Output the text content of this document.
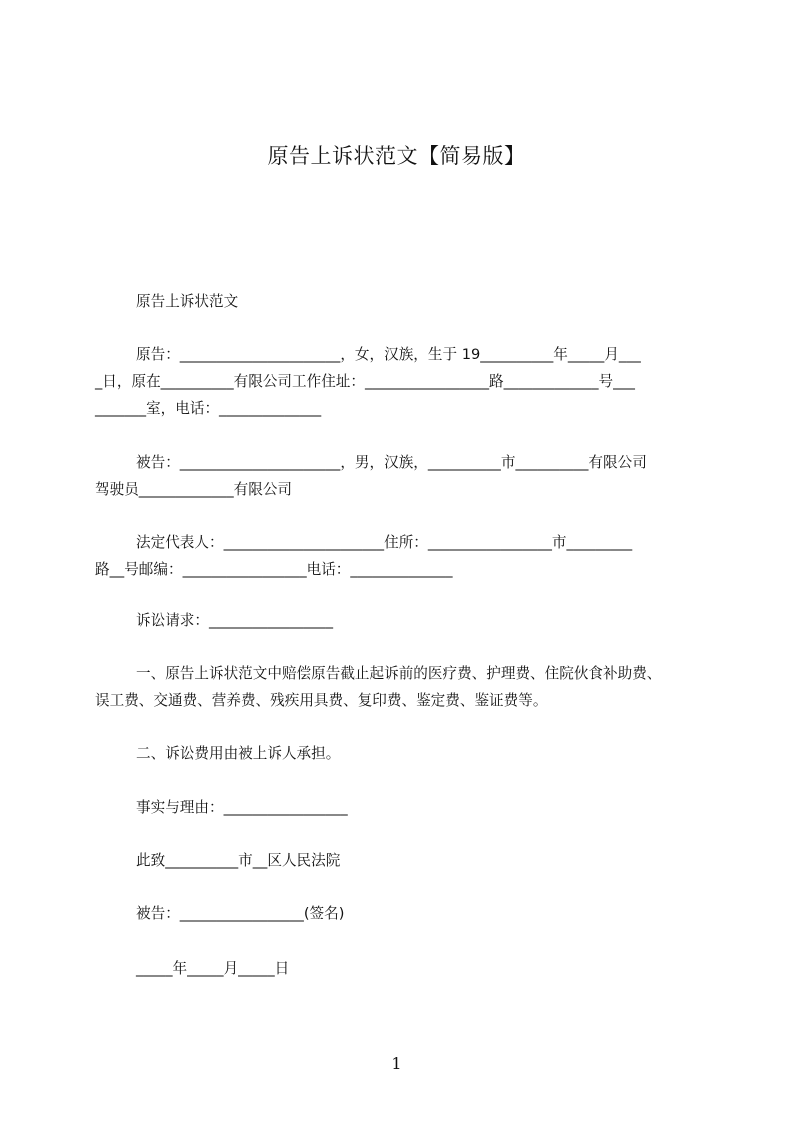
原告上诉状范文【简易版】
原告上诉状范文
原告：______________________，女，汉族，生于 19__________年_____月___
_日，原在__________有限公司工作住址：_________________路_____________号___
_______室，电话：______________
被告：______________________，男，汉族，__________市__________有限公司
驾驶员_____________有限公司
法定代表人：______________________住所：_________________市_________
路__号邮编：_________________电话：______________
诉讼请求：_________________
一、原告上诉状范文中赔偿原告截止起诉前的医疗费、护理费、住院伙食补助费、
误工费、交通费、营养费、残疾用具费、复印费、鉴定费、鉴证费等。
二、诉讼费用由被上诉人承担。
事实与理由：_________________
此致__________市__区人民法院
被告：_________________(签名)
_____年_____月_____日
1
